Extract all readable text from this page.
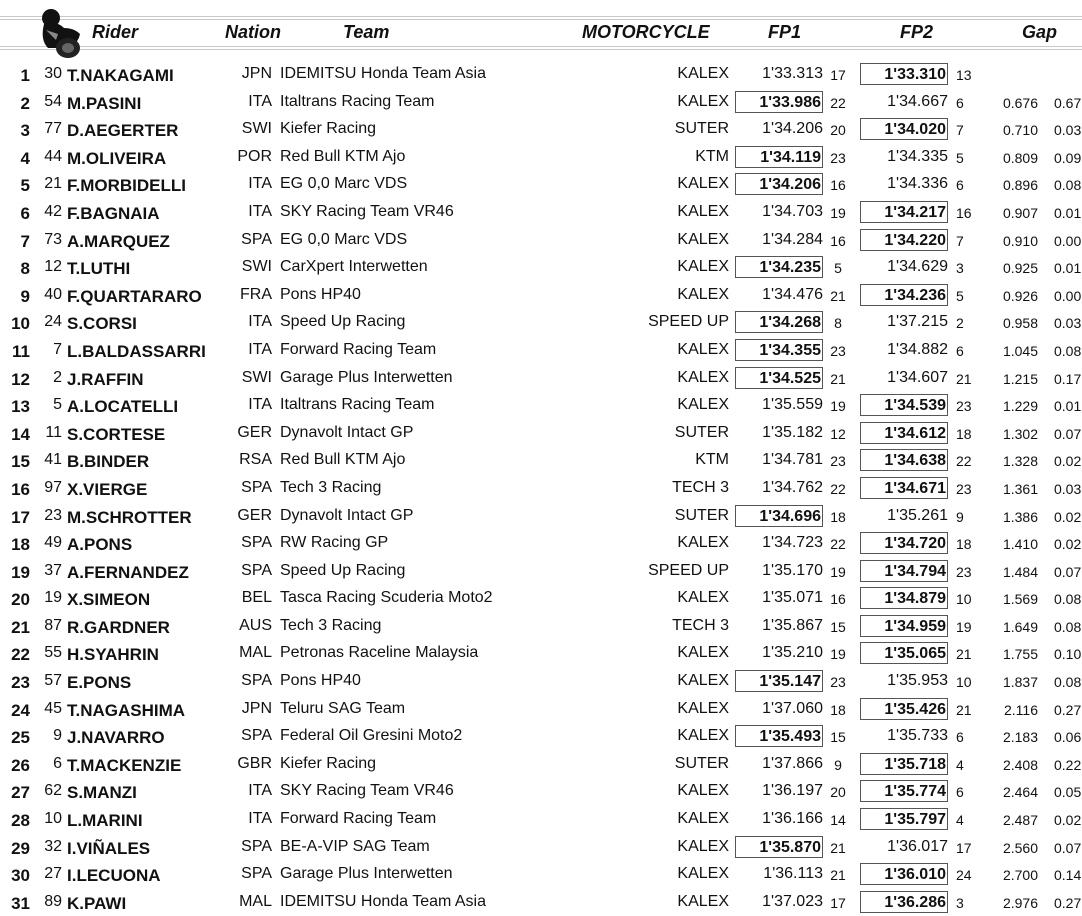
Rider	Nation	Team	MOTORCYCLE	FP1	FP2	Gap
1 30 T.NAKAGAMI	JPN IDEMITSU Honda Team Asia	KALEX	1'33.313 17	1'33.310 13
2 54 M.PASINI	ITA Italtrans Racing Team	KALEX	1'33.986 22	1'34.667 6	0.676 0.67
3 77 D.AEGERTER	SWI Kiefer Racing	SUTER	1'34.206 20	1'34.020 7	0.710 0.03
4 44 M.OLIVEIRA	POR Red Bull KTM Ajo	KTM	1'34.119 23	1'34.335 5	0.809 0.09
5 21 F.MORBIDELLI	ITA EG 0,0 Marc VDS	KALEX	1'34.206 16	1'34.336 6	0.896 0.08
6 42 F.BAGNAIA	ITA SKY Racing Team VR46	KALEX	1'34.703 19	1'34.217 16	0.907 0.01
7 73 A.MARQUEZ	SPA EG 0,0 Marc VDS	KALEX	1'34.284 16	1'34.220 7	0.910 0.00
8 12 T.LUTHI	SWI CarXpert Interwetten	KALEX	1'34.235 5	1'34.629 3	0.925 0.01
9 40 F.QUARTARARO	FRA Pons HP40	KALEX	1'34.476 21	1'34.236 5	0.926 0.00
10 24 S.CORSI	ITA Speed Up Racing	SPEED UP	1'34.268 8	1'37.215 2	0.958 0.03
11	7 L.BALDASSARRI	ITA Forward Racing Team	KALEX	1'34.355 23	1'34.882 6	1.045 0.08
12	2 J.RAFFIN	SWI Garage Plus Interwetten	KALEX	1'34.525 21	1'34.607 21	1.215 0.17
13	5 A.LOCATELLI	ITA Italtrans Racing Team	KALEX	1'35.559 19	1'34.539 23	1.229 0.01
14 11 S.CORTESE	GER Dynavolt Intact GP	SUTER	1'35.182 12	1'34.612 18	1.302 0.07
15 41 B.BINDER	RSA Red Bull KTM Ajo	KTM	1'34.781 23	1'34.638 22	1.328 0.02
16 97 X.VIERGE	SPA Tech 3 Racing	TECH 3	1'34.762 22	1'34.671 23	1.361 0.03
17 23 M.SCHROTTER	GER Dynavolt Intact GP	SUTER	1'34.696 18	1'35.261 9	1.386 0.02
18 49 A.PONS	SPA RW Racing GP	KALEX	1'34.723 22	1'34.720 18	1.410 0.02
19 37 A.FERNANDEZ	SPA Speed Up Racing	SPEED UP	1'35.170 19	1'34.794 23	1.484 0.07
20 19 X.SIMEON	BEL Tasca Racing Scuderia Moto2	KALEX	1'35.071 16	1'34.879 10	1.569 0.08
21 87 R.GARDNER	AUS Tech 3 Racing	TECH 3	1'35.867 15	1'34.959 19	1.649 0.08
22 55 H.SYAHRIN	MAL Petronas Raceline Malaysia	KALEX	1'35.210 19	1'35.065 21	1.755 0.10
23 57 E.PONS	SPA Pons HP40	KALEX	1'35.147 23	1'35.953 10	1.837 0.08
24 45 T.NAGASHIMA	JPN Teluru SAG Team	KALEX	1'37.060 18	1'35.426 21	2.116 0.27
25	9 J.NAVARRO	SPA Federal Oil Gresini Moto2	KALEX	1'35.493 15	1'35.733 6	2.183 0.06
26	6 T.MACKENZIE	GBR Kiefer Racing	SUTER	1'37.866 9	1'35.718 4	2.408 0.22
27 62 S.MANZI	ITA SKY Racing Team VR46	KALEX	1'36.197 20	1'35.774 6	2.464 0.05
28 10 L.MARINI	ITA Forward Racing Team	KALEX	1'36.166 14	1'35.797 4	2.487 0.02
29 32 I.VIÑALES	SPA BE-A-VIP SAG Team	KALEX	1'35.870 21	1'36.017 17	2.560 0.07
30 27 I.LECUONA	SPA Garage Plus Interwetten	KALEX	1'36.113 21	1'36.010 24	2.700 0.14
31 89 K.PAWI	MAL IDEMITSU Honda Team Asia	KALEX	1'37.023 17	1'36.286 3	2.976 0.27
